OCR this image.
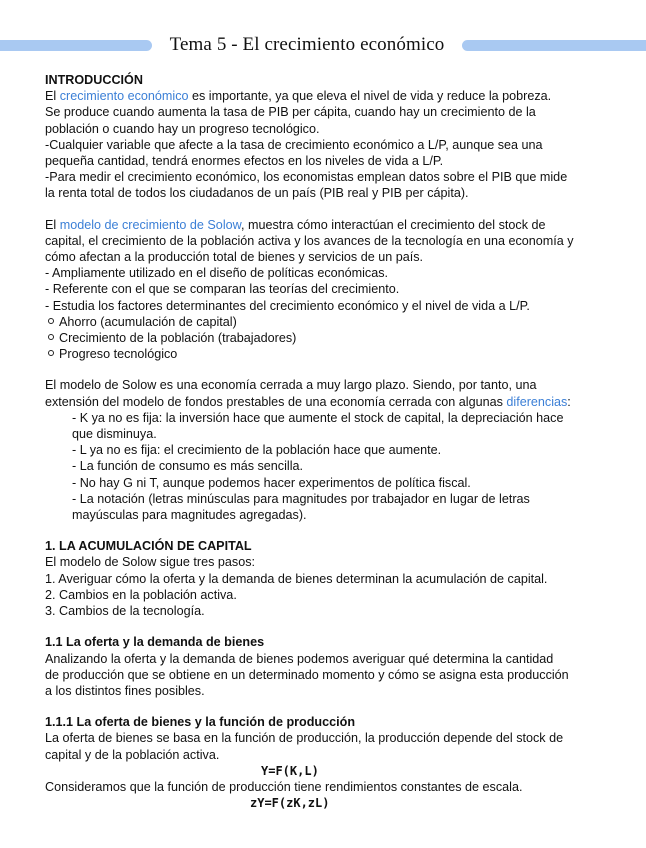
Tema 5 - El crecimiento económico
INTRODUCCIÓN

El crecimiento económico es importante, ya que eleva el nivel de vida y reduce la pobreza.

Se produce cuando aumenta la tasa de PIB per cápita, cuando hay un crecimiento de la

población o cuando hay un progreso tecnológico.

-Cualquier variable que afecte a la tasa de crecimiento económico a L/P, aunque sea una

pequeña cantidad, tendrá enormes efectos en los niveles de vida a L/P.

-Para medir el crecimiento económico, los economistas emplean datos sobre el PIB que mide

la renta total de todos los ciudadanos de un país (PIB real y PIB per cápita).

El modelo de crecimiento de Solow, muestra cómo interactúan el crecimiento del stock de

capital, el crecimiento de la población activa y los avances de la tecnología en una economía y

cómo afectan a la producción total de bienes y servicios de un país.

- Ampliamente utilizado en el diseño de políticas económicas.

- Referente con el que se comparan las teorías del crecimiento.

- Estudia los factores determinantes del crecimiento económico y el nivel de vida a L/P.

Ahorro (acumulación de capital)

Crecimiento de la población (trabajadores)

Progreso tecnológico

El modelo de Solow es una economía cerrada a muy largo plazo. Siendo, por tanto, una

extensión del modelo de fondos prestables de una economía cerrada con algunas diferencias:

- K ya no es fija: la inversión hace que aumente el stock de capital, la depreciación hace

que disminuya.

- L ya no es fija: el crecimiento de la población hace que aumente.

- La función de consumo es más sencilla.

- No hay G ni T, aunque podemos hacer experimentos de política fiscal.

- La notación (letras minúsculas para magnitudes por trabajador en lugar de letras

mayúsculas para magnitudes agregadas).

1. LA ACUMULACIÓN DE CAPITAL

El modelo de Solow sigue tres pasos:

1. Averiguar cómo la oferta y la demanda de bienes determinan la acumulación de capital.

2. Cambios en la población activa.

3. Cambios de la tecnología.

1.1 La oferta y la demanda de bienes

Analizando la oferta y la demanda de bienes podemos averiguar qué determina la cantidad

de producción que se obtiene en un determinado momento y cómo se asigna esta producción

a los distintos fines posibles.

1.1.1 La oferta de bienes y la función de producción

La oferta de bienes se basa en la función de producción, la producción depende del stock de

capital y de la población activa.

Y=F(K,L)

Consideramos que la función de producción tiene rendimientos constantes de escala.

zY=F(zK,zL)
